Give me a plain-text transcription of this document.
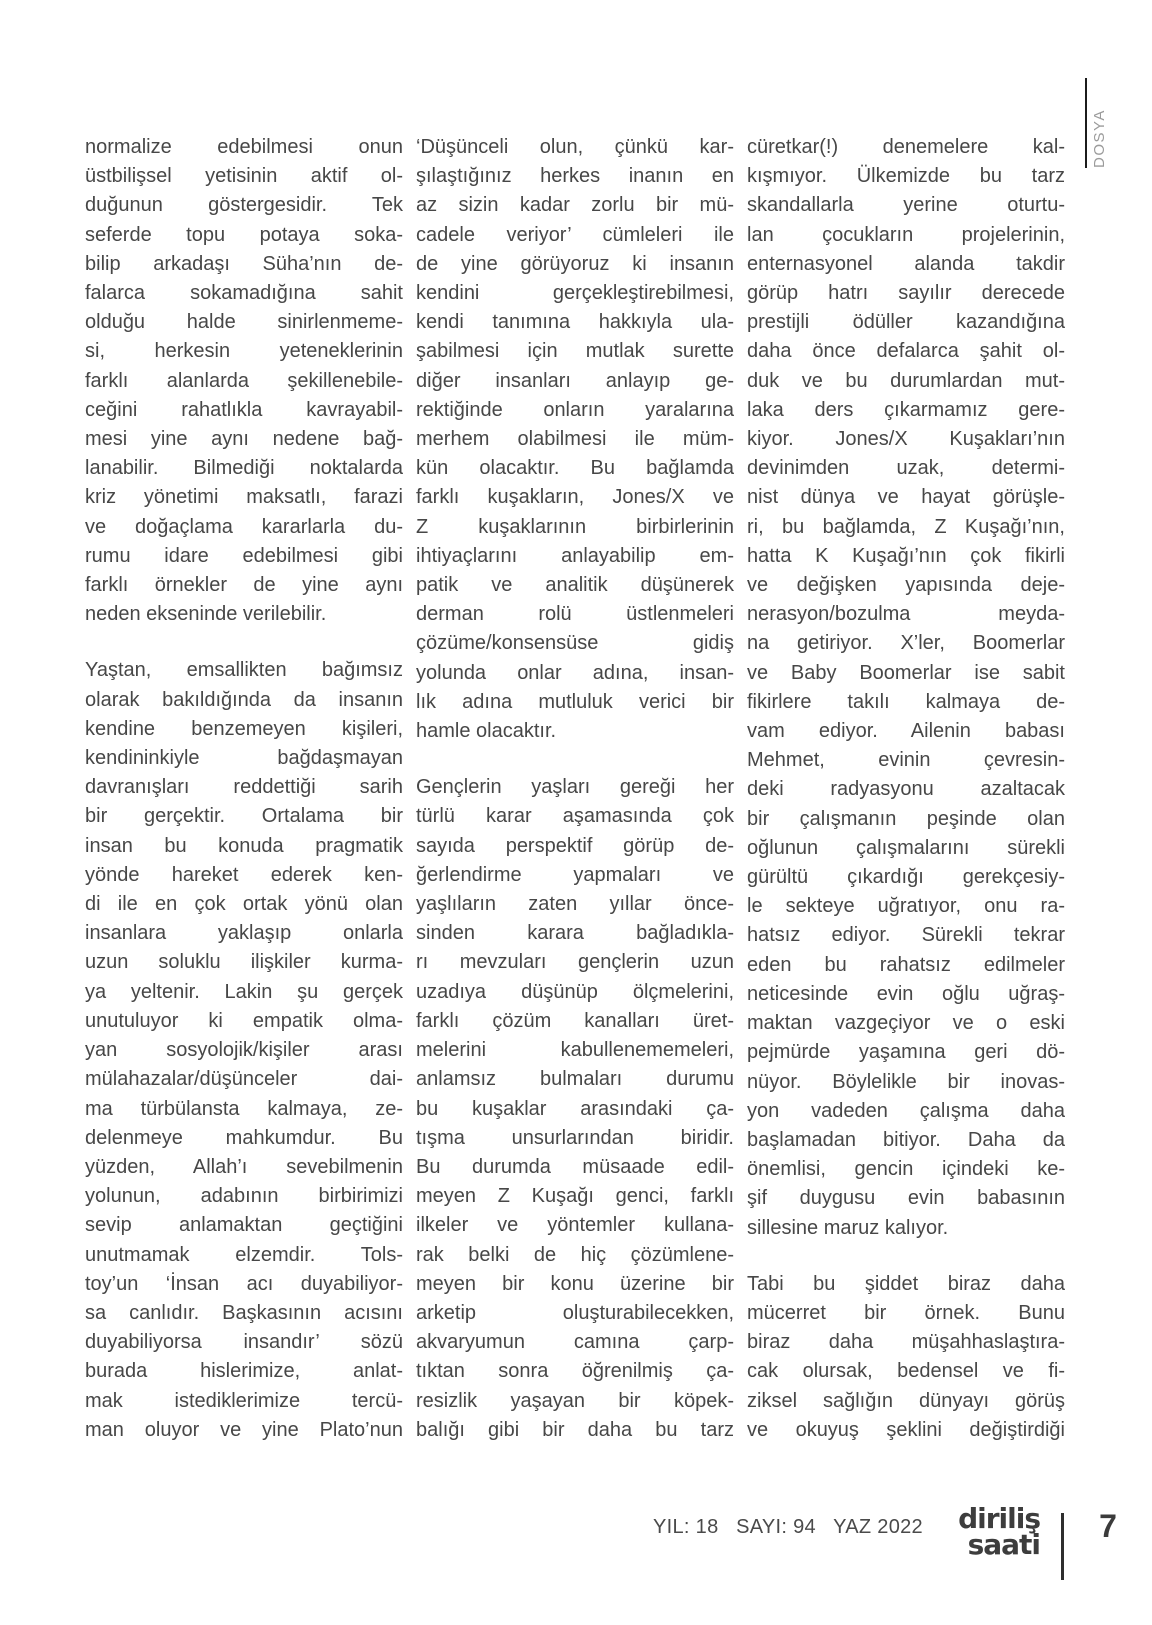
DOSYA
normalize edebilmesi onun
üstbilişsel yetisinin aktif ol-
duğunun göstergesidir. Tek
seferde topu potaya soka-
bilip arkadaşı Süha’nın de-
falarca sokamadığına sahit
olduğu halde sinirlenmeme-
si, herkesin yeteneklerinin
farklı alanlarda şekillenebile-
ceğini rahatlıkla kavrayabil-
mesi yine aynı nedene bağ-
lanabilir. Bilmediği noktalarda
kriz yönetimi maksatlı, farazi
ve doğaçlama kararlarla du-
rumu idare edebilmesi gibi
farklı örnekler de yine aynı
neden ekseninde verilebilir.
Yaştan, emsallikten bağımsız
olarak bakıldığında da insanın
kendine benzemeyen kişileri,
kendininkiyle bağdaşmayan
davranışları reddettiği sarih
bir gerçektir. Ortalama bir
insan bu konuda pragmatik
yönde hareket ederek ken-
di ile en çok ortak yönü olan
insanlara yaklaşıp onlarla
uzun soluklu ilişkiler kurma-
ya yeltenir. Lakin şu gerçek
unutuluyor ki empatik olma-
yan sosyolojik/kişiler arası
mülahazalar/düşünceler dai-
ma türbülansta kalmaya, ze-
delenmeye mahkumdur. Bu
yüzden, Allah’ı sevebilmenin
yolunun, adabının birbirimizi
sevip anlamaktan geçtiğini
unutmamak elzemdir. Tols-
toy’un ‘İnsan acı duyabiliyor-
sa canlıdır. Başkasının acısını
duyabiliyorsa insandır’ sözü
burada hislerimize, anlat-
mak istediklerimize tercü-
man oluyor ve yine Plato’nun
‘Düşünceli olun, çünkü kar-
şılaştığınız herkes inanın en
az sizin kadar zorlu bir mü-
cadele veriyor’ cümleleri ile
de yine görüyoruz ki insanın
kendini gerçekleştirebilmesi,
kendi tanımına hakkıyla ula-
şabilmesi için mutlak surette
diğer insanları anlayıp ge-
rektiğinde onların yaralarına
merhem olabilmesi ile müm-
kün olacaktır. Bu bağlamda
farklı kuşakların, Jones/X ve
Z kuşaklarının birbirlerinin
ihtiyaçlarını anlayabilip em-
patik ve analitik düşünerek
derman rolü üstlenmeleri
çözüme/konsensüse gidiş
yolunda onlar adına, insan-
lık adına mutluluk verici bir
hamle olacaktır.
Gençlerin yaşları gereği her
türlü karar aşamasında çok
sayıda perspektif görüp de-
ğerlendirme yapmaları ve
yaşlıların zaten yıllar önce-
sinden karara bağladıkla-
rı mevzuları gençlerin uzun
uzadıya düşünüp ölçmelerini,
farklı çözüm kanalları üret-
melerini kabullenememeleri,
anlamsız bulmaları durumu
bu kuşaklar arasındaki ça-
tışma unsurlarından biridir.
Bu durumda müsaade edil-
meyen Z Kuşağı genci, farklı
ilkeler ve yöntemler kullana-
rak belki de hiç çözümlene-
meyen bir konu üzerine bir
arketip oluşturabilecekken,
akvaryumun camına çarp-
tıktan sonra öğrenilmiş ça-
resizlik yaşayan bir köpek-
balığı gibi bir daha bu tarz
cüretkar(!) denemelere kal-
kışmıyor. Ülkemizde bu tarz
skandallarla yerine oturtu-
lan çocukların projelerinin,
enternasyonel alanda takdir
görüp hatrı sayılır derecede
prestijli ödüller kazandığına
daha önce defalarca şahit ol-
duk ve bu durumlardan mut-
laka ders çıkarmamız gere-
kiyor. Jones/X Kuşakları’nın
devinimden uzak, determi-
nist dünya ve hayat görüşle-
ri, bu bağlamda, Z Kuşağı’nın,
hatta K Kuşağı’nın çok fikirli
ve değişken yapısında deje-
nerasyon/bozulma meyda-
na getiriyor. X’ler, Boomerlar
ve Baby Boomerlar ise sabit
fikirlere takılı kalmaya de-
vam ediyor. Ailenin babası
Mehmet, evinin çevresin-
deki radyasyonu azaltacak
bir çalışmanın peşinde olan
oğlunun çalışmalarını sürekli
gürültü çıkardığı gerekçesiy-
le sekteye uğratıyor, onu ra-
hatsız ediyor. Sürekli tekrar
eden bu rahatsız edilmeler
neticesinde evin oğlu uğraş-
maktan vazgeçiyor ve o eski
pejmürde yaşamına geri dö-
nüyor. Böylelikle bir inovas-
yon vadeden çalışma daha
başlamadan bitiyor. Daha da
önemlisi, gencin içindeki ke-
şif duygusu evin babasının
sillesine maruz kalıyor.
Tabi bu şiddet biraz daha
mücerret bir örnek. Bunu
biraz daha müşahhaslaştıra-
cak olursak, bedensel ve fi-
ziksel sağlığın dünyayı görüş
ve okuyuş şeklini değiştirdiği
YIL: 18   SAYI: 94   YAZ 2022 diriliş
saati
7
